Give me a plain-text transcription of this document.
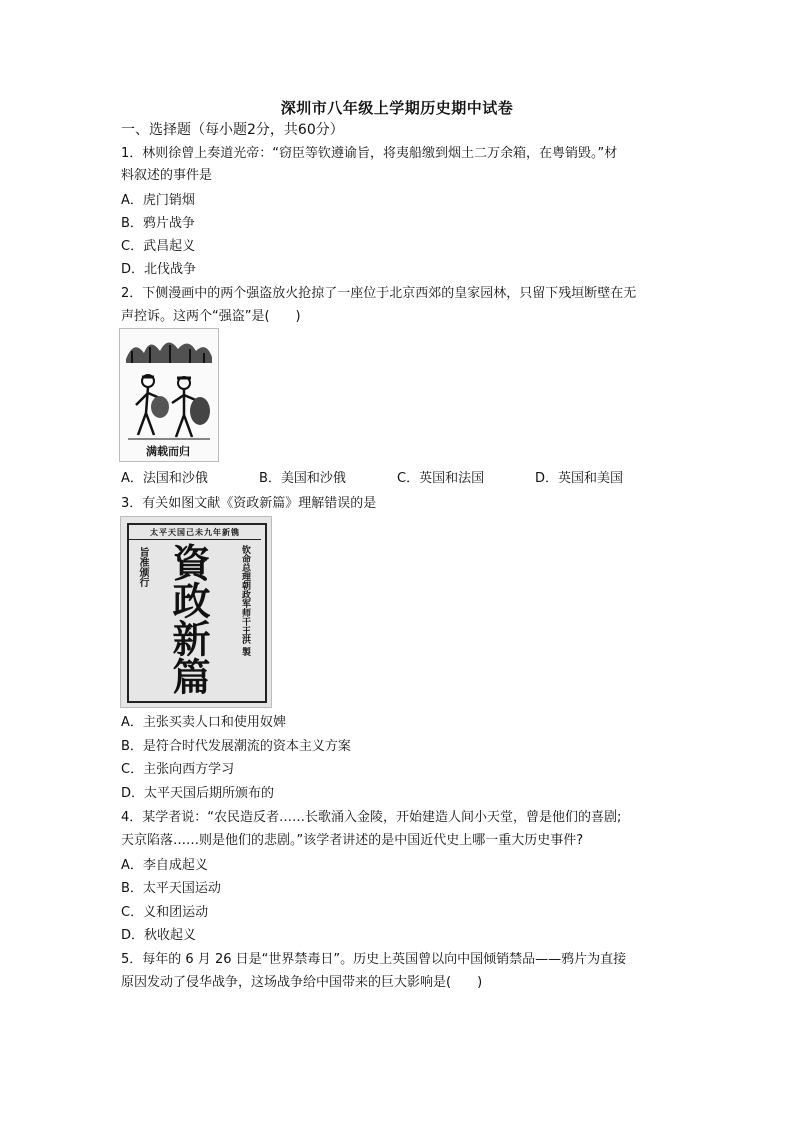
深圳市八年级上学期历史期中试卷
一、选择题（每小题2分，共60分）
1．林则徐曾上奏道光帝：“窃臣等钦遵谕旨，将夷船缴到烟土二万余箱，在粤销毁。”材
料叙述的事件是
A．虎门销烟
B．鸦片战争
C．武昌起义
D．北伐战争
2．下侧漫画中的两个强盗放火抢掠了一座位于北京西郊的皇家园林，只留下残垣断壁在无
声控诉。这两个“强盗”是(　　)
满载而归
A．法国和沙俄	B．美国和沙俄	C．英国和法国	D．英国和美国
3．有关如图文献《资政新篇》理解错误的是
太平天国己未九年新镌
旨准颁行 資政新篇	钦命总理朝政军师干王洪 製
A．主张买卖人口和使用奴婢
B．是符合时代发展潮流的资本主义方案
C．主张向西方学习
D．太平天国后期所颁布的
4．某学者说：“农民造反者……长歌涌入金陵，开始建造人间小天堂，曾是他们的喜剧;
天京陷落……则是他们的悲剧。”该学者讲述的是中国近代史上哪一重大历史事件?
A．李自成起义
B．太平天国运动
C．义和团运动
D．秋收起义
5．每年的 6 月 26 日是“世界禁毒日”。历史上英国曾以向中国倾销禁品——鸦片为直接
原因发动了侵华战争，这场战争给中国带来的巨大影响是(　　)
